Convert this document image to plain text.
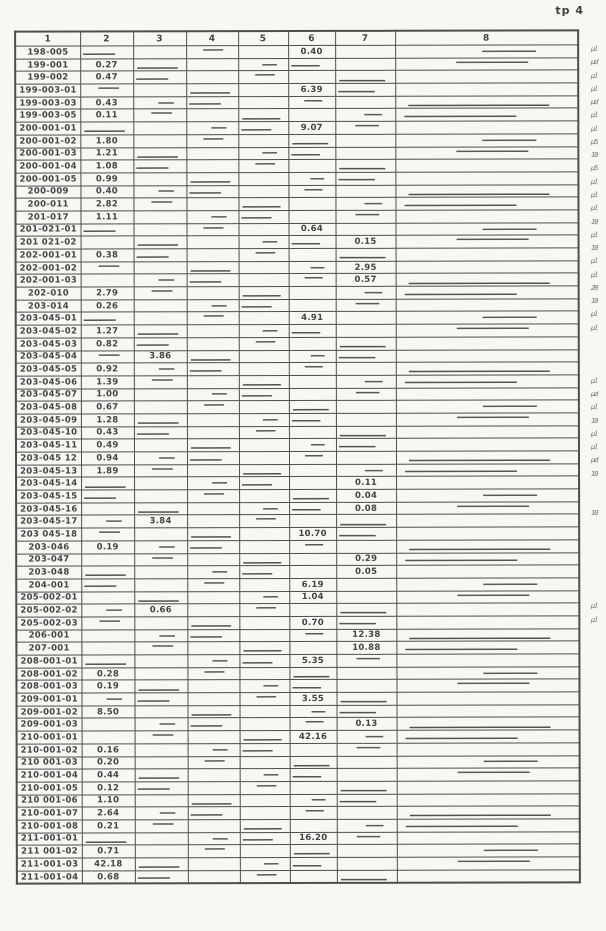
tp 4
1	2	3	4	5	6	7	8
198-005					0.40		
199-001	0.27						
199-002	0.47						
199-003-01					6.39		
199-003-03	0.43						
199-003-05	0.11						
200-001-01					9.07		
200-001-02	1.80						
200-001-03	1.21						
200-001-04	1.08						
200-001-05	0.99						
200-009	0.40						
200-011	2.82						
201-017	1.11						
201-021-01					0.64		
201 021-02						0.15	
202-001-01	0.38						
202-001-02						2.95	
202-001-03						0.57	
202-010	2.79						
203-014	0.26						
203-045-01					4.91		
203-045-02	1.27						
203-045-03	0.82						
203-045-04		3.86					
203-045-05	0.92						
203-045-06	1.39						
203-045-07	1.00						
203-045-08	0.67						
203-045-09	1.28						
203-045-10	0.43						
203-045-11	0.49						
203-045 12	0.94						
203-045-13	1.89						
203-045-14						0.11	
203-045-15						0.04	
203-045-16						0.08	
203-045-17		3.84					
203 045-18					10.70		
203-046	0.19						
203-047						0.29	
203-048						0.05	
204-001					6.19		
205-002-01					1.04		
205-002-02		0.66					
205-002-03					0.70		
206-001						12.38	
207-001						10.88	
208-001-01					5.35		
208-001-02	0.28						
208-001-03	0.19						
209-001-01					3.55		
209-001-02	8.50						
209-001-03						0.13	
210-001-01					42.16		
210-001-02	0.16						
210 001-03	0.20						
210-001-04	0.44						
210-001-05	0.12						
210 001-06	1.10						
210-001-07	2.64						
210-001-08	0.21						
211-001-01					16.20		
211 001-02	0.71						
211-001-03	42.18						
211-001-04	0.68						
µl
µd
µl
µl
µd
µl
µl
µ5
10
µ5
µl
µl
µl
10
µl
10
µl
µl
20
10
µl
µl
µl
µd
µl
10
µl
µl
µd
10
10
µl
µl
